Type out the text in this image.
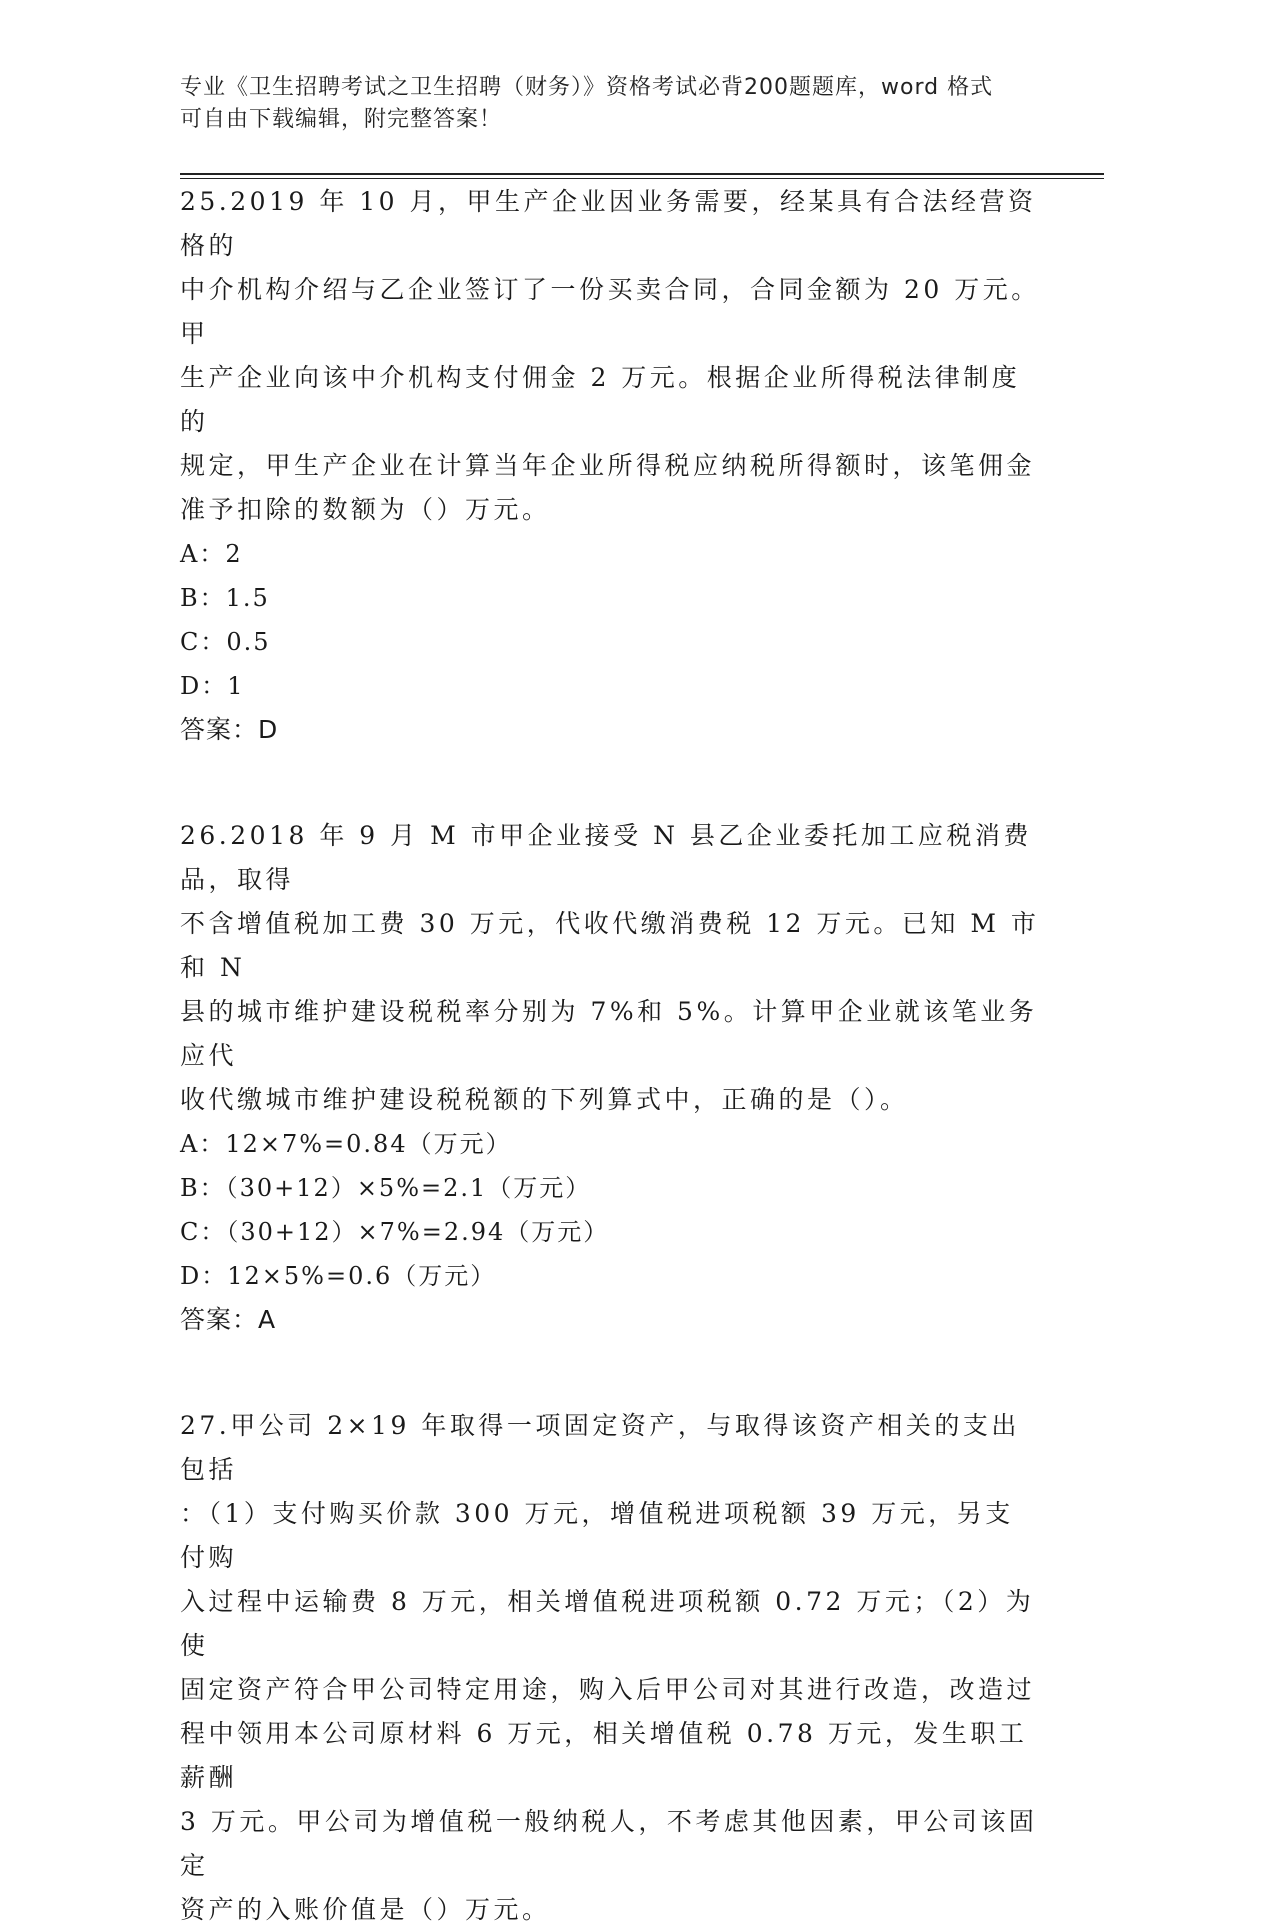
专业《卫生招聘考试之卫生招聘（财务）》资格考试必背200题题库，word 格式
可自由下载编辑，附完整答案！

25.2019 年 10 月，甲生产企业因业务需要，经某具有合法经营资格的

中介机构介绍与乙企业签订了一份买卖合同，合同金额为 20 万元。甲

生产企业向该中介机构支付佣金 2 万元。根据企业所得税法律制度的

规定，甲生产企业在计算当年企业所得税应纳税所得额时，该笔佣金

准予扣除的数额为（）万元。

A：2

B：1.5

C：0.5

D：1

答案：D

26.2018 年 9 月 M 市甲企业接受 N 县乙企业委托加工应税消费品，取得

不含增值税加工费 30 万元，代收代缴消费税 12 万元。已知 M 市和 N

县的城市维护建设税税率分别为 7%和 5%。计算甲企业就该笔业务应代

收代缴城市维护建设税税额的下列算式中，正确的是（）。

A：12×7%=0.84（万元）

B：（30+12）×5%=2.1（万元）

C：（30+12）×7%=2.94（万元）

D：12×5%=0.6（万元）

答案：A

27.甲公司 2×19 年取得一项固定资产，与取得该资产相关的支出包括

：（1）支付购买价款 300 万元，增值税进项税额 39 万元，另支付购

入过程中运输费 8 万元，相关增值税进项税额 0.72 万元；（2）为使

固定资产符合甲公司特定用途，购入后甲公司对其进行改造，改造过

程中领用本公司原材料 6 万元，相关增值税 0.78 万元，发生职工薪酬

3 万元。甲公司为增值税一般纳税人，不考虑其他因素，甲公司该固定

资产的入账价值是（）万元。
